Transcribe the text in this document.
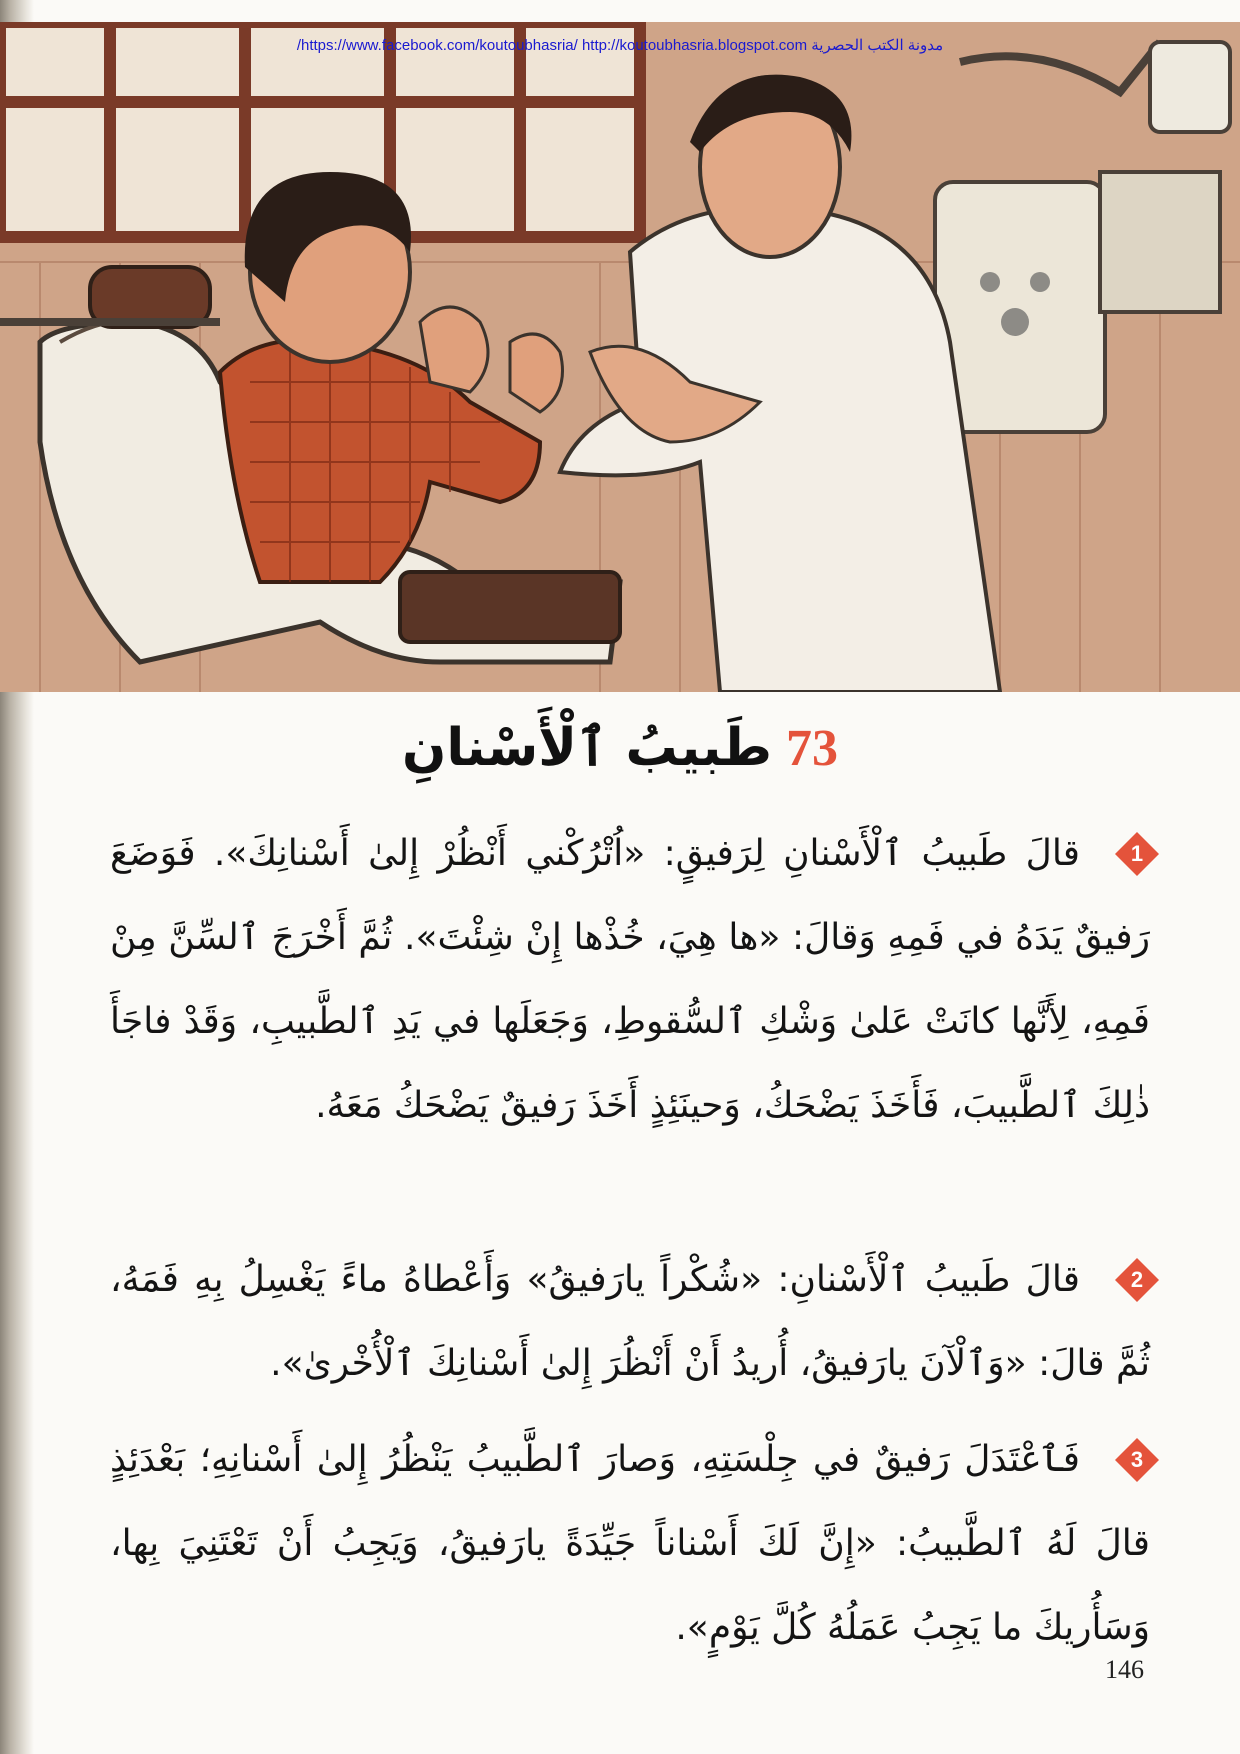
/https://www.facebook.com/koutoubhasria/ http://koutoubhasria.blogspot.com مدونة الكتب الحصرية
73
طَبيبُ ٱلْأَسْنانِ
1

قالَ طَبيبُ ٱلْأَسْنانِ لِرَفيقٍ: «اُتْرُكْني أَنْظُرْ إِلىٰ أَسْنانِكَ». فَوَضَعَ رَفيقٌ يَدَهُ في فَمِهِ وَقالَ: «ها هِيَ، خُذْها إِنْ شِئْتَ». ثُمَّ أَخْرَجَ ٱلسِّنَّ مِنْ فَمِهِ، لِأَنَّها كانَتْ عَلىٰ وَشْكِ ٱلسُّقوطِ، وَجَعَلَها في يَدِ ٱلطَّبيبِ، وَقَدْ فاجَأَ ذٰلِكَ ٱلطَّبيبَ، فَأَخَذَ يَضْحَكُ، وَحينَئِذٍ أَخَذَ رَفيقٌ يَضْحَكُ مَعَهُ.

2

قالَ طَبيبُ ٱلْأَسْنانِ: «شُكْراً يارَفيقُ» وَأَعْطاهُ ماءً يَغْسِلُ بِهِ فَمَهُ، ثُمَّ قالَ: «وَٱلْآنَ يارَفيقُ، أُريدُ أَنْ أَنْظُرَ إِلىٰ أَسْنانِكَ ٱلْأُخْرىٰ».

3

فَٱعْتَدَلَ رَفيقٌ في جِلْسَتِهِ، وَصارَ ٱلطَّبيبُ يَنْظُرُ إِلىٰ أَسْنانِهِ؛ بَعْدَئِذٍ قالَ لَهُ ٱلطَّبيبُ: «إِنَّ لَكَ أَسْناناً جَيِّدَةً يارَفيقُ، وَيَجِبُ أَنْ تَعْتَنِيَ بِها، وَسَأُريكَ ما يَجِبُ عَمَلُهُ كُلَّ يَوْمٍ».

146
